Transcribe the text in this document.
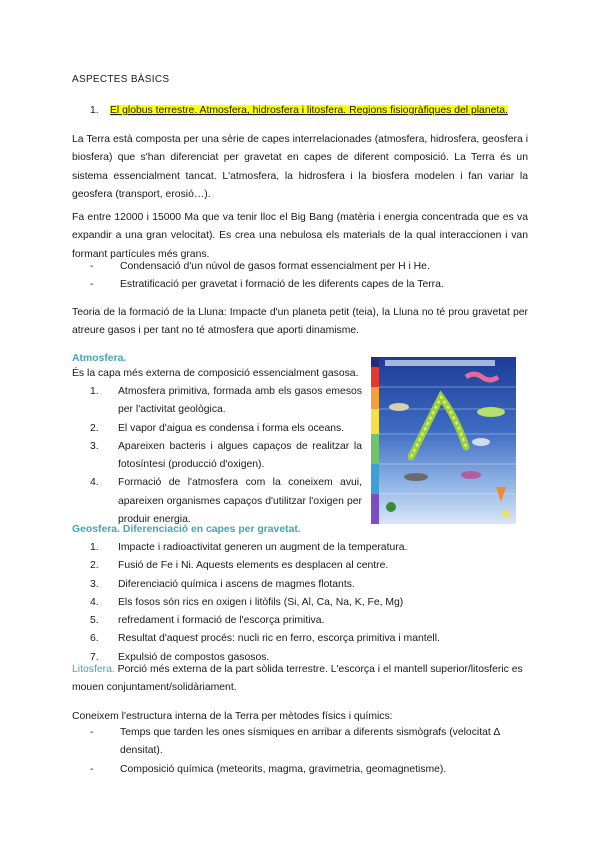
ASPECTES BÀSICS

1. El globus terrestre. Atmosfera, hidrosfera i litosfera. Regions fisiogràfiques del planeta.

La Terra està composta per una sèrie de capes interrelacionades (atmosfera, hidrosfera, geosfera i biosfera) que s'han diferenciat per gravetat en capes de diferent composició. La Terra és un sistema essencialment tancat. L'atmosfera, la hidrosfera i la biosfera modelen i fan variar la geosfera (transport, erosió…).

Fa entre 12000 i 15000 Ma que va tenir lloc el Big Bang (matèria i energia concentrada que es va expandir a una gran velocitat). Es crea una nebulosa els materials de la qual interaccionen i van formant partícules més grans.

- Condensació d'un núvol de gasos format essencialment per H i He.
- Estratificació per gravetat i formació de les diferents capes de la Terra.

Teoria de la formació de la Lluna: Impacte d'un planeta petit (teia), la Lluna no té prou gravetat per atreure gasos i per tant no té atmosfera que aporti dinamisme.

Atmosfera.

És la capa més externa de composició essencialment gasosa.

1. Atmosfera primitiva, formada amb els gasos emesos per l'activitat geològica.
2. El vapor d'aigua es condensa i forma els oceans.
3. Apareixen bacteris i algues capaços de realitzar la fotosíntesi (producció d'oxigen).
4. Formació de l'atmosfera com la coneixem avui, apareixen organismes capaços d'utilitzar l'oxigen per produir energia.

Geosfera. Diferenciació en capes per gravetat.

1. Impacte i radioactivitat generen un augment de la temperatura.
2. Fusió de Fe i Ni. Aquests elements es desplacen al centre.
3. Diferenciació química i ascens de magmes flotants.
4. Els fosos són rics en oxigen i litòfils (Si, Al, Ca, Na, K, Fe, Mg)
5. refredament i formació de l'escorça primitiva.
6. Resultat d'aquest procés: nucli ric en ferro, escorça primitiva i mantell.
7. Expulsió de compostos gasosos.

Litosfera. Porció més externa de la part sòlida terrestre. L'escorça i el mantell superior/litosferic es mouen conjuntament/solidàriament.

Coneixem l'estructura interna de la Terra per mètodes físics i químics:

- Temps que tarden les ones sísmiques en arribar a diferents sismògrafs (velocitat ∆ densitat).
- Composició química (meteorits, magma, gravimetria, geomagnetisme).
